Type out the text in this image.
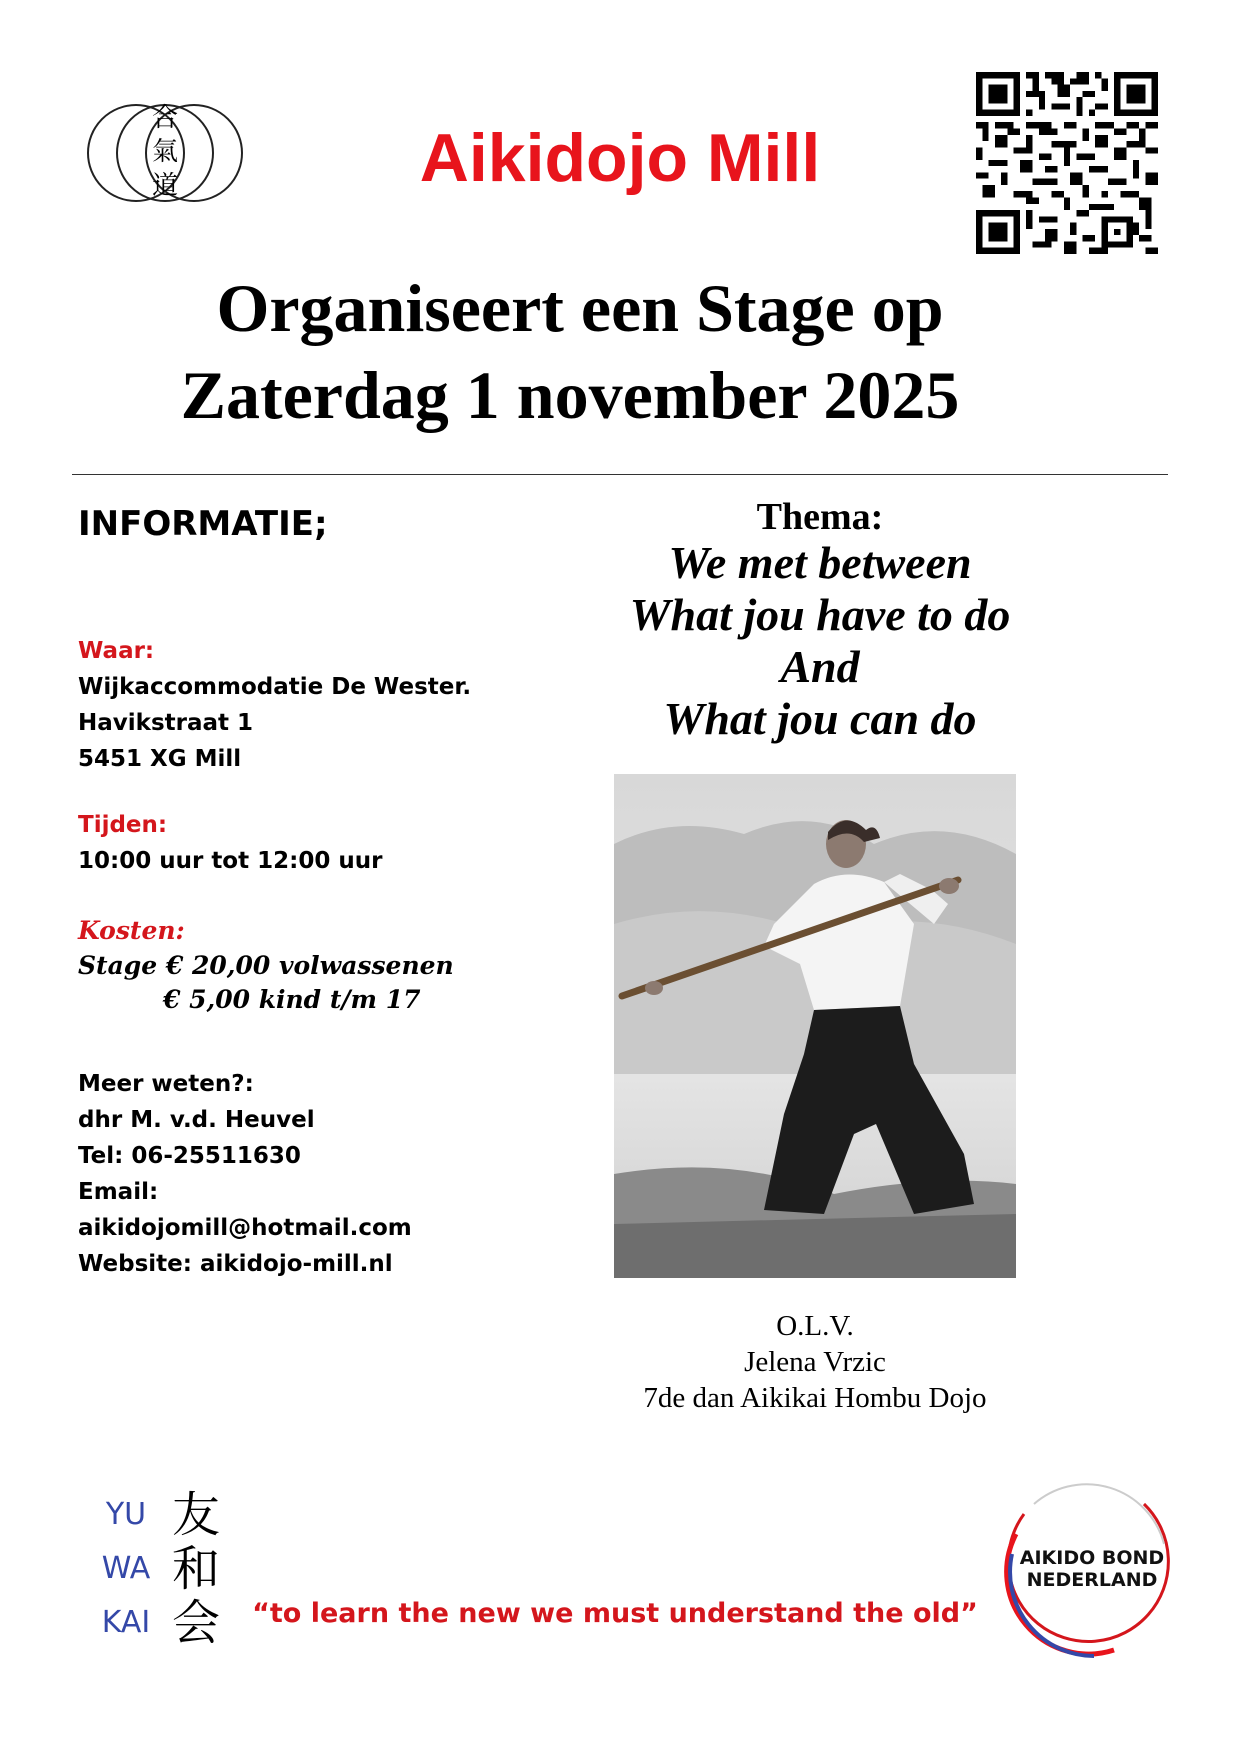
合
氣
道	Aikidojo Mill
Organiseert een Stage op
Zaterdag 1 november 2025
INFORMATIE;
Waar:
Wijkaccommodatie De Wester.
Havikstraat 1
5451 XG Mill
Tijden:
10:00 uur tot 12:00 uur
Kosten:
Stage € 20,00 volwassenen
€ 5,00 kind t/m 17
Meer weten?:
dhr M. v.d. Heuvel
Tel: 06-25511630
Email:
aikidojomill@hotmail.com
Website: aikidojo-mill.nl
Thema:
We met between
What jou have to do
And
What jou can do
O.L.V.
Jelena Vrzic
7de dan Aikikai Hombu Dojo
YU
WA
KAI
友
和
会 “to learn the new we must understand the old”
AIKIDO BOND
NEDERLAND
